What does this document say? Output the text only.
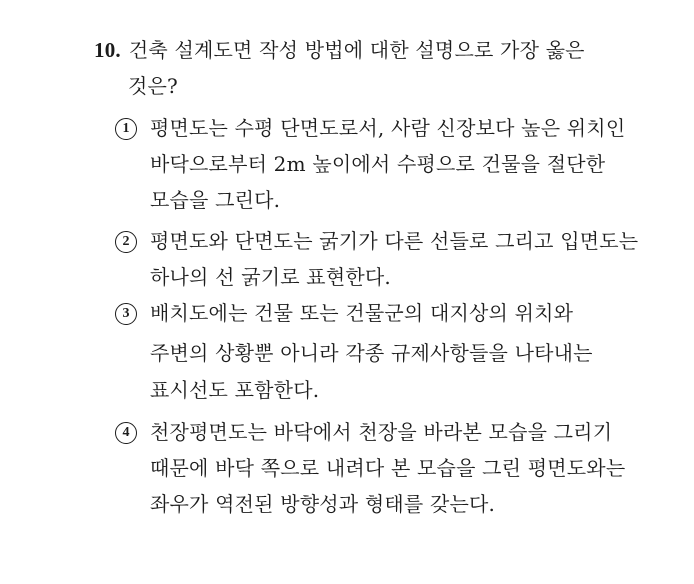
10. 건축 설계도면 작성 방법에 대한 설명으로 가장 옳은
것은?
1	평면도는 수평 단면도로서, 사람 신장보다 높은 위치인
바닥으로부터 2m 높이에서 수평으로 건물을 절단한
모습을 그린다.
2	평면도와 단면도는 굵기가 다른 선들로 그리고 입면도는
하나의 선 굵기로 표현한다.
3	배치도에는 건물 또는 건물군의 대지상의 위치와
주변의 상황뿐 아니라 각종 규제사항들을 나타내는
표시선도 포함한다.
4	천장평면도는 바닥에서 천장을 바라본 모습을 그리기
때문에 바닥 쪽으로 내려다 본 모습을 그린 평면도와는
좌우가 역전된 방향성과 형태를 갖는다.
